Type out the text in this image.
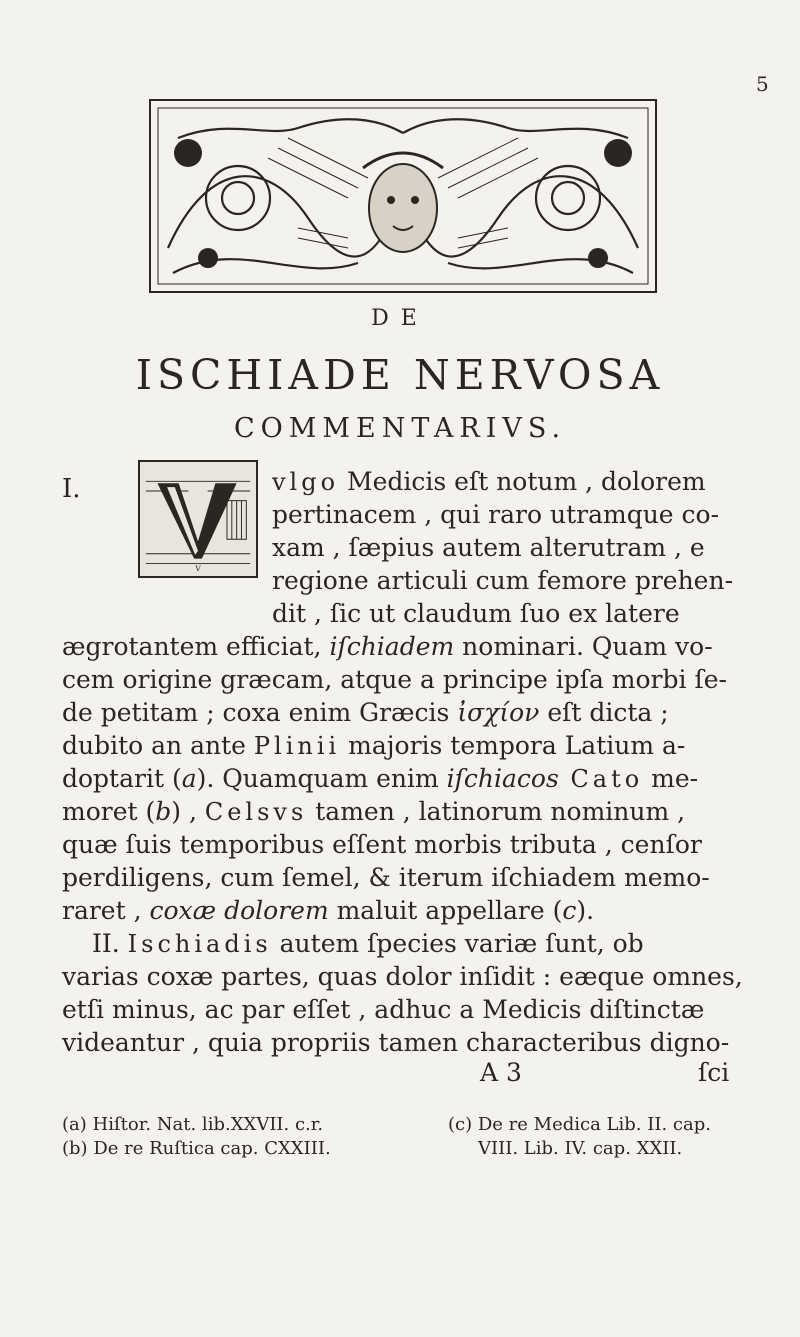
5
DE
ISCHIADE NERVOSA
COMMENTARIVS.
I.
V
vlgo Medicis eſt notum , dolorem
pertinacem , qui raro utramque co-
xam , ſæpius autem alterutram , e
regione articuli cum femore prehen-
dit , ſic ut claudum ſuo ex latere
ægrotantem efficiat, iſchiadem nominari. Quam vo-
cem origine græcam, atque a principe ipſa morbi ſe-
de petitam ; coxa enim Græcis ἰσχίον eſt dicta ;
dubito an ante Plinii majoris tempora Latium a-
doptarit (a). Quamquam enim iſchiacos Cato me-
moret (b) , Celsvs tamen , latinorum nominum ,
quæ ſuis temporibus eſſent morbis tributa , cenſor
perdiligens, cum ſemel, & iterum iſchiadem memo-
raret , coxæ dolorem maluit appellare (c).
II. Ischiadis autem ſpecies variæ ſunt, ob
varias coxæ partes, quas dolor inſidit : eæque omnes,
etſi minus, ac par eſſet , adhuc a Medicis diſtinctæ
videantur , quia propriis tamen characteribus digno-
A 3	ſci
(a) Hiſtor. Nat. lib.XXVII. c.r.
(b) De re Ruſtica cap. CXXIII.
(c) De re Medica Lib. II. cap.
VIII. Lib. IV. cap. XXII.
